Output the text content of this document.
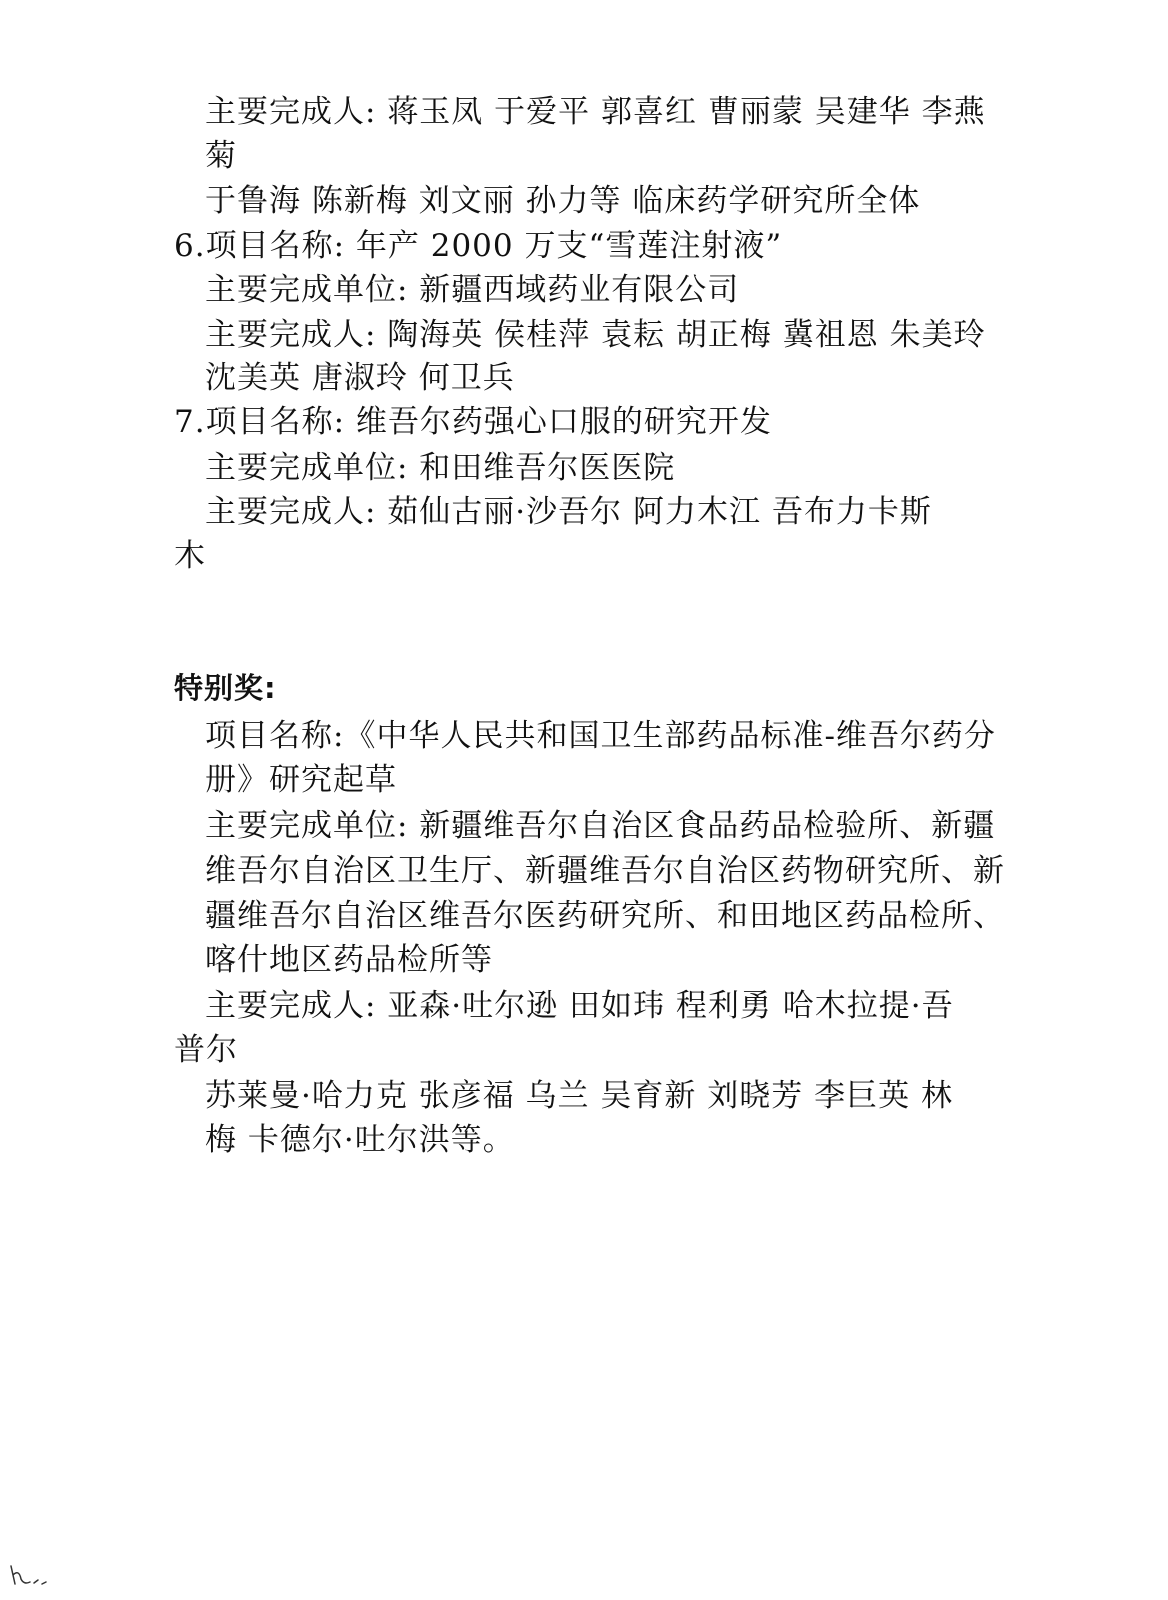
主要完成人: 蒋玉凤 于爱平 郭喜红 曹丽蒙 吴建华 李燕
菊
于鲁海 陈新梅 刘文丽 孙力等 临床药学研究所全体
6.项目名称: 年产 2000 万支“雪莲注射液”
主要完成单位: 新疆西域药业有限公司
主要完成人: 陶海英 侯桂萍 袁耘 胡正梅 冀祖恩 朱美玲
沈美英 唐淑玲 何卫兵
7.项目名称: 维吾尔药强心口服的研究开发
主要完成单位: 和田维吾尔医医院
主要完成人: 茹仙古丽·沙吾尔 阿力木江 吾布力卡斯
木
特别奖:
项目名称:《中华人民共和国卫生部药品标准-维吾尔药分
册》研究起草
主要完成单位: 新疆维吾尔自治区食品药品检验所、新疆
维吾尔自治区卫生厅、新疆维吾尔自治区药物研究所、新
疆维吾尔自治区维吾尔医药研究所、和田地区药品检所、
喀什地区药品检所等
主要完成人: 亚森·吐尔逊 田如玮 程利勇 哈木拉提·吾
普尔
苏莱曼·哈力克 张彦福 乌兰 吴育新 刘晓芳 李巨英 林
梅 卡德尔·吐尔洪等。
